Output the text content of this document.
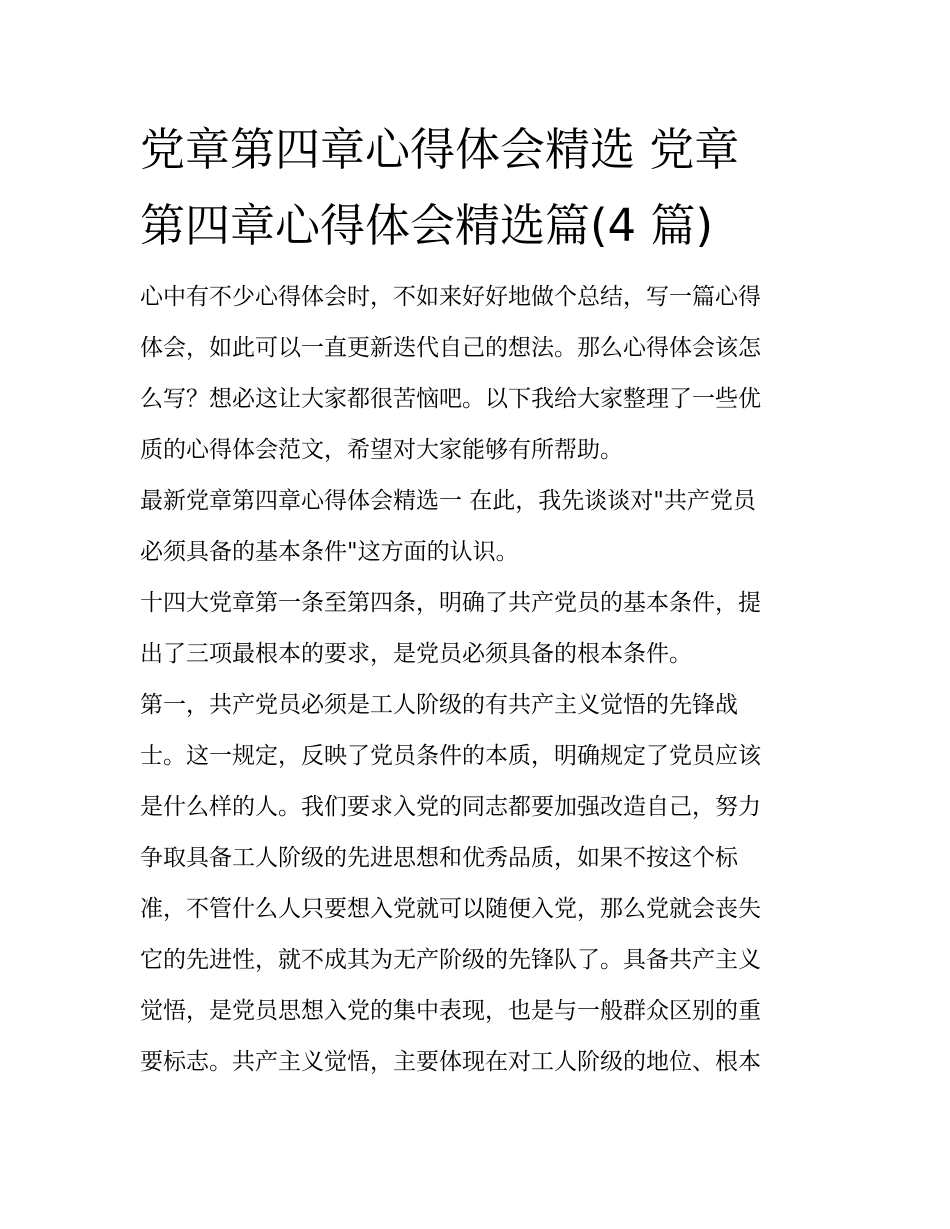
党章第四章心得体会精选 党章
第四章心得体会精选篇(4 篇)

心中有不少心得体会时，不如来好好地做个总结，写一篇心得
体会，如此可以一直更新迭代自己的想法。那么心得体会该怎
么写？想必这让大家都很苦恼吧。以下我给大家整理了一些优
质的心得体会范文，希望对大家能够有所帮助。

最新党章第四章心得体会精选一 在此，我先谈谈对"共产党员
必须具备的基本条件"这方面的认识。

十四大党章第一条至第四条，明确了共产党员的基本条件，提
出了三项最根本的要求，是党员必须具备的根本条件。

第一，共产党员必须是工人阶级的有共产主义觉悟的先锋战
士。这一规定，反映了党员条件的本质，明确规定了党员应该
是什么样的人。我们要求入党的同志都要加强改造自己，努力
争取具备工人阶级的先进思想和优秀品质，如果不按这个标
准，不管什么人只要想入党就可以随便入党，那么党就会丧失
它的先进性，就不成其为无产阶级的先锋队了。具备共产主义
觉悟，是党员思想入党的集中表现，也是与一般群众区别的重
要标志。共产主义觉悟，主要体现在对工人阶级的地位、根本
